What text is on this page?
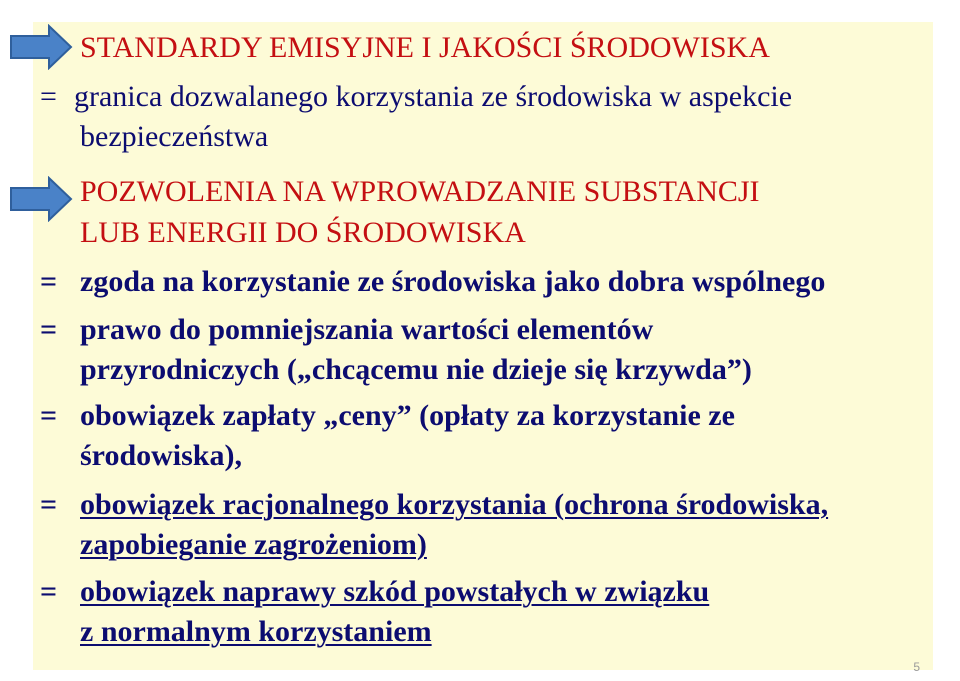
STANDARDY EMISYJNE I JAKOŚCI ŚRODOWISKA
= granica dozwalanego korzystania ze środowiska w aspekcie
bezpieczeństwa
POZWOLENIA NA WPROWADZANIE SUBSTANCJI
LUB ENERGII DO ŚRODOWISKA
= zgoda na korzystanie ze środowiska jako dobra wspólnego
= prawo do pomniejszania wartości elementów
przyrodniczych („chcącemu nie dzieje się krzywda”)
= obowiązek zapłaty „ceny” (opłaty za korzystanie ze
środowiska),
= obowiązek racjonalnego korzystania (ochrona środowiska,
zapobieganie zagrożeniom)
= obowiązek naprawy szkód powstałych w związku
z normalnym korzystaniem
5
